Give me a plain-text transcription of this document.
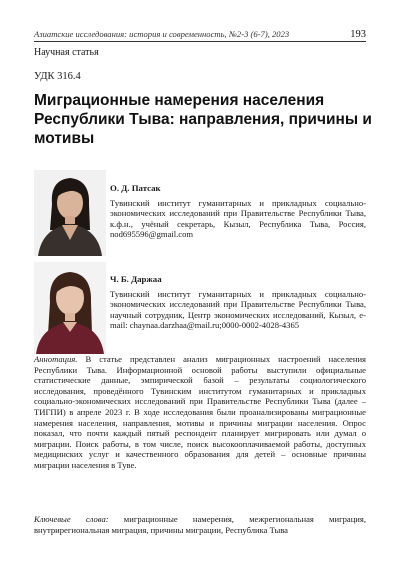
Азиатские исследования: история и современность, №2-3 (6-7), 2023	193
Научная статья
УДК 316.4
Миграционные намерения населения Республики Тыва: направления, причины и мотивы
О. Д. Патсак
Тувинский институт гуманитарных и прикладных социально-экономических исследований при Правительстве Республики Тыва, к.ф.н., учёный секретарь, Кызыл, Республика Тыва, Россия, nod695596@gmail.com
Ч. Б. Даржаа
Тувинский институт гуманитарных и прикладных социально-экономических исследований при Правительстве Республики Тыва, научный сотрудник, Центр экономических исследований, Кызыл, e-mail: chaynaa.darzhaa@mail.ru;0000-0002-4028-4365
Аннотация. В статье представлен анализ миграционных настроений населения Республики Тыва. Информационной основой работы выступили официальные статистические данные, эмпирической базой – результаты социологического исследования, проведённого Тувинским институтом гуманитарных и прикладных социально-экономических исследований при Правительстве Республики Тыва (далее – ТИГПИ) в апреле 2023 г. В ходе исследования были проанализированы миграционные намерения населения, направления, мотивы и причины миграции населения. Опрос показал, что почти каждый пятый респондент планирует мигрировать или думал о миграции. Поиск работы, в том числе, поиск высокооплачиваемой работы, доступных медицинских услуг и качественного образования для детей – основные причины миграции населения в Туве.
Ключевые слова: миграционные намерения, межрегиональная миграция, внутрирегиональная миграция, причины миграции, Республика Тыва
